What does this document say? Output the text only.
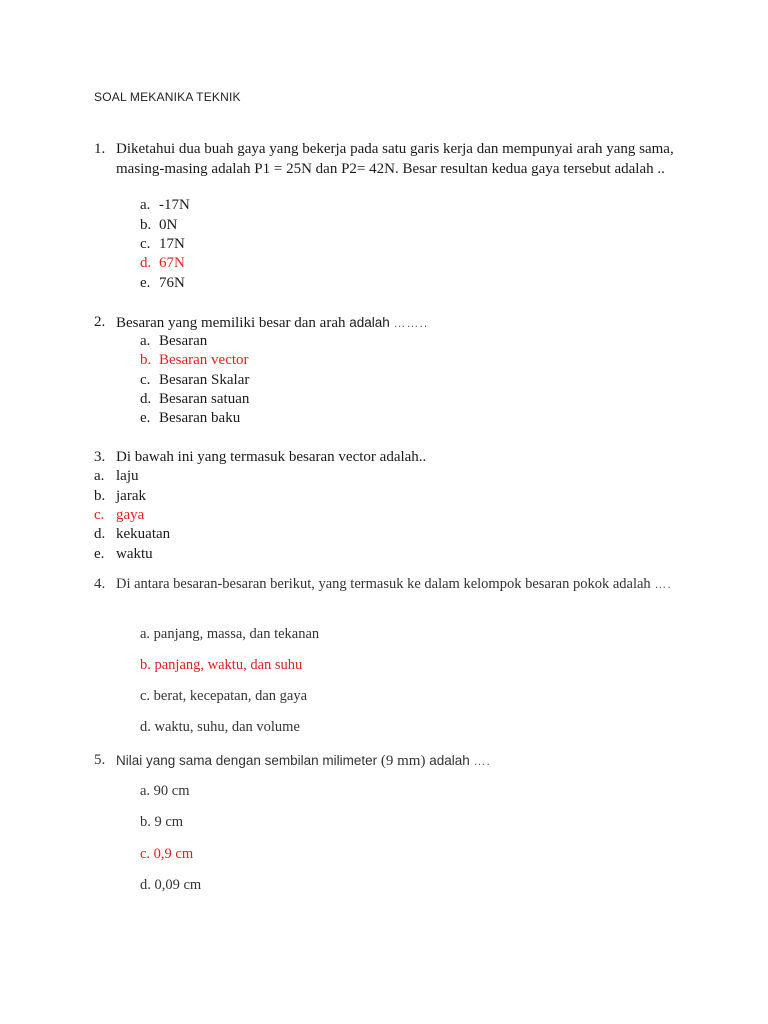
SOAL MEKANIKA TEKNIK
1. Diketahui dua buah gaya yang bekerja pada satu garis kerja dan mempunyai arah yang sama, masing-masing adalah P1 = 25N dan P2= 42N. Besar resultan kedua gaya tersebut adalah ..
a. -17N
b. 0N
c. 17N
d. 67N
e. 76N
2. Besaran yang memiliki besar dan arah adalah ……..
a. Besaran
b. Besaran vector
c. Besaran Skalar
d. Besaran satuan
e. Besaran baku
3. Di bawah ini yang termasuk besaran vector adalah..
a. laju
b. jarak
c. gaya
d. kekuatan
e. waktu
4. Di antara besaran-besaran berikut, yang termasuk ke dalam kelompok besaran pokok adalah ….
a. panjang, massa, dan tekanan
b. panjang, waktu, dan suhu
c. berat, kecepatan, dan gaya
d. waktu, suhu, dan volume
5. Nilai yang sama dengan sembilan milimeter (9 mm) adalah ….
a. 90 cm
b. 9 cm
c. 0,9 cm
d. 0,09 cm
